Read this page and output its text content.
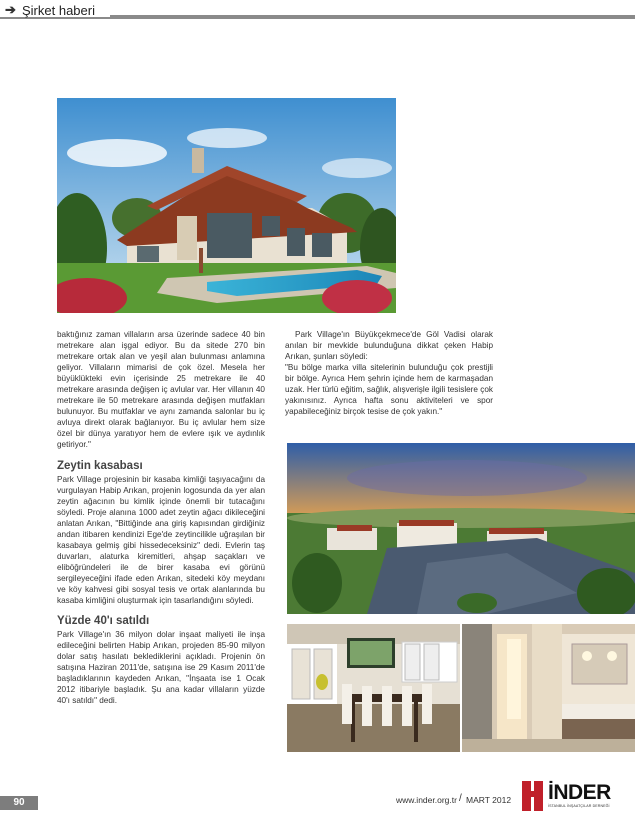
➔ Şirket haberi

baktığınız zaman villaların arsa üzerinde sadece 40 bin metrekare alan işgal ediyor. Bu da sitede 270 bin metrekare ortak alan ve yeşil alan bulunması anlamına geliyor. Villaların mimarisi de çok özel. Mesela her büyüklükteki evin içerisinde 25 metrekare ile 40 metrekare arasında değişen iç avlular var. Her villanın 40 metrekare ile 50 metrekare arasında değişen mutfakları bulunuyor. Bu mutfaklar ve aynı zamanda salonlar bu iç avluya direkt olarak bağlanıyor. Bu iç avlular hem size özel bir dünya yaratıyor hem de evlere ışık ve aydınlık getiriyor."

Zeytin kasabası

Park Village projesinin bir kasaba kimliği taşıyacağını da vurgulayan Habip Arıkan, projenin logosunda da yer alan zeytin ağacının bu kimlik içinde önemli bir tutacağını söyledi. Proje alanına 1000 adet zeytin ağacı dikileceğini anlatan Arıkan, "Bittiğinde ana giriş kapısından girdiğiniz andan itibaren kendinizi Ege'de zeytincilikle uğraşılan bir kasabaya gelmiş gibi hissedeceksiniz" dedi. Evlerin taş duvarları, alaturka kiremitleri, ahşap saçakları ve eliböğründeleri ile de birer kasaba evi görünü sergileyeceğini ifade eden Arıkan, sitedeki köy meydanı ve köy kahvesi gibi sosyal tesis ve ortak alanlarında bu kasaba kimliğini oluşturmak için tasarlandığını söyledi.

Yüzde 40'ı satıldı

Park Village'ın 36 milyon dolar inşaat maliyeti ile inşa edileceğini belirten Habip Arıkan, projeden 85-90 milyon dolar satış hasılatı beklediklerini açıkladı. Projenin ön satışına Haziran 2011'de, satışına ise 29 Kasım 2011'de başladıklarının kaydeden Arıkan, "İnşaata ise 1 Ocak 2012 itibariyle başladık. Şu ana kadar villaların yüzde 40'ı satıldı" dedi.

Park Village'ın Büyükçekmece'de Göl Vadisi olarak anılan bir mevkide bulunduğuna dikkat çeken Habip Arıkan, şunları söyledi:

"Bu bölge marka villa sitelerinin bulunduğu çok prestijli bir bölge. Ayrıca Hem şehrin içinde hem de karmaşadan uzak. Her türlü eğitim, sağlık, alışverişle ilgili tesislere çok yakınısınız. Ayrıca hafta sonu aktiviteleri ve spor yapabileceğiniz birçok tesise de çok yakın."

90	www.inder.org.tr / MART 2012 İNDER
İSTANBUL İNŞAATÇILAR DERNEĞİ
